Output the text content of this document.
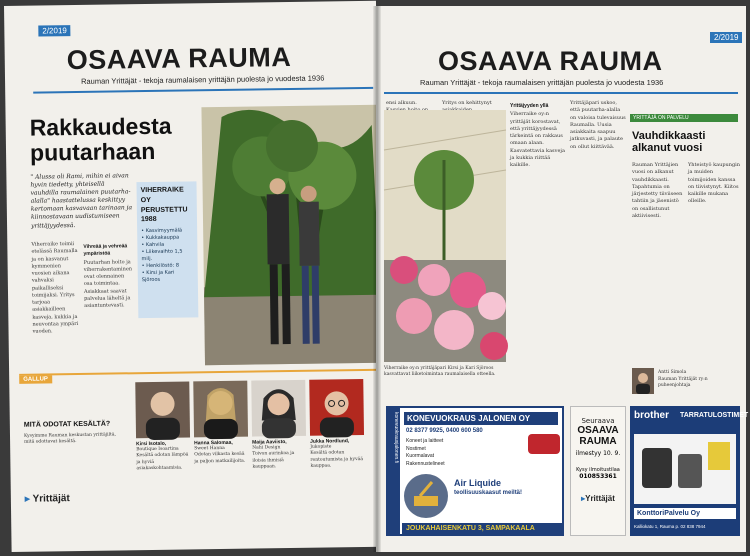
2/2019
OSAAVA RAUMA
Rauman Yrittäjät - tekoja raumalaisen yrittäjän puolesta jo vuodesta 1936
Rakkaudesta
puutarhaan
" Alussa oli Rami, mihin ei aivan hyvin tiedetty, yhteisellä vauhdilla raumalainen puutarha-alalla" haastattelussa keskittyy kertomaan kasvavaan tarinaan ja kiinnostavaan uudistumiseen yrittäjyydessä.
VIHERRAIKE OY PERUSTETTU 1988
• Kasvimyymälä
• Kukkakauppa
• Kahvila
• Liikevaihto 1,5 milj.
• Henkilöstö: 8
• Kirsi ja Kari Sjöroos
Viherraike toimii etelässä Raumalla ja on kasvanut kymmenien vuosien aikana vahvaksi paikalliseksi toimijaksi. Yritys tarjoaa asiakkailleen kasveja, kukkia ja neuvontaa ympäri vuoden.
Vihreää ja vehreää ympäristöä
Puutarhan hoito ja viherrakentaminen ovat olennainen osa toimintaa. Asiakkaat saavat palvelua läheltä ja asiantuntevasti.
GALLUP
MITÄ ODOTAT KESÄLTÄ?
Kysyimme Rauman keskustan yrittäjiltä, mitä odottavat kesältä.	Kirsi Isotalo,
Boutique Isoartina
Kesältä odotan lämpöä ja hyviä asiakaskohtaamisia.
Hanna Salomaa,
Sweet Hanna
Odotan vilkasta kesää ja paljon matkailijoita.
Maija Aaviisto,
Nahi Design
Toivon aurinkoa ja iloisia ihmisiä kauppaan.
Jukka Nordlund,
Jukopiste
Kesältä odotan rentoutumista ja hyvää kauppaa.
▸ Yrittäjät
2/2019
OSAAVA RAUMA
Rauman Yrittäjät - tekoja raumalaisen yrittäjän puolesta jo vuodesta 1936
ensi alkuun.	Yritys on kehittynyt
Viherraike oy:n yrittäjäpari Kirsi ja Kari Sjöroos kasvattavat liiketoimintaa raumalaisella otteella.
Yrittäjyyden yllä
Viherraike oy:n yrittäjät korostavat, että yrittäjyydessä tärkeintä on rakkaus omaan alaan. Kasvatettavia kasveja ja kukkia riittää kaikille.
Yrittäjäpari uskoo, että puutarha-alalla on valoisa tulevaisuus Raumalla. Uusia asiakkaita saapuu jatkuvasti, ja palaute on ollut kiittävää.
YRITTÄJÄ ON PALVELU
Vauhdikkaasti
alkanut vuosi
Rauman Yrittäjien vuosi on alkanut vauhdikkaasti. Tapahtumia on järjestetty tiiviiseen tahtiin ja jäsenistö on osallistunut aktiivisesti.
Yhteistyö kaupungin ja muiden toimijoiden kanssa on tiivistynyt. Kiitos kaikille mukana olleille.
Antti Simola
Rauman Yrittäjät ry:n puheenjohtaja
konevuokrausjalonen.fi	KONEVUOKRAUS JALONEN OY
02 8377 9925, 0400 600 580
Koneet ja laitteet
Nostimet
Kuormalavat
Rakennustelineet
Air Liquide
teollisuuskaasut meiltä!
JOUKAHAISENKATU 3, SAMPAKAALA
Seuraava
OSAAVA
RAUMA
ilmestyy 10. 9.
Kysy ilmoitustilaa
010853361
▸Yrittäjät
brother TARRATULOSTIMET
KonttoriPalvelu Oy
Kalliokatu 1, Rauma p. 02 838 7944
